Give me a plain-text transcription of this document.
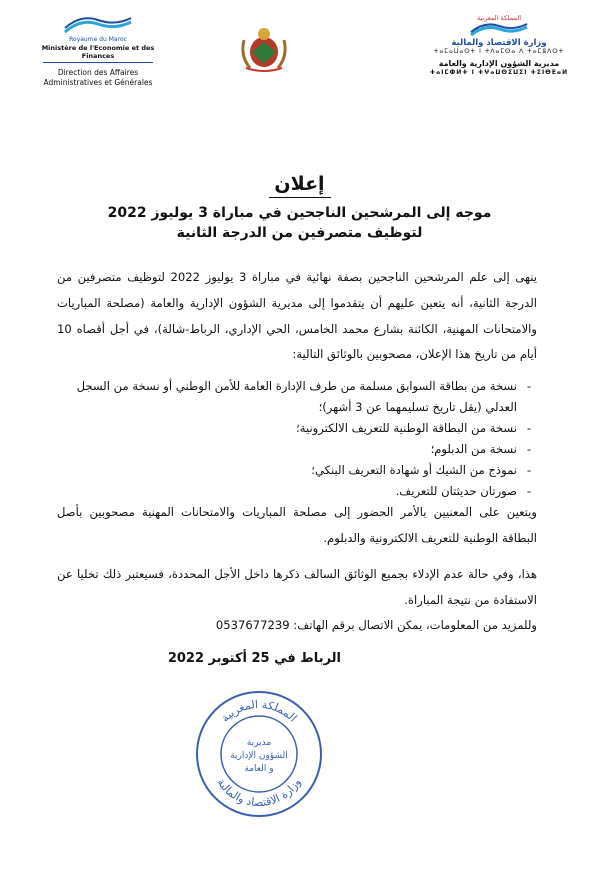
Royaume du Maroc
Ministère de l'Economie et des Finances
Direction des Affaires
Administratives et Générales
المملكة المغربية
وزارة الاقتصاد والمالية
ⵜⴰⵎⴰⵡⴰⵙⵜ ⵏ ⵜⴷⴰⵎⵙⴰ ⴷ ⵜⴰⵎⵓⴷⵔⵜ
مديرية الشؤون الإدارية والعامة
ⵜⴰⵏⵎⵀⵍⵜ ⵏ ⵜⵖⴰⵡⵙⵉⵡⵉⵏ ⵜⵉⵏⴱⴹⴰⵍ
إعلان
موجه إلى المرشحين الناجحين في مباراة 3 يوليوز 2022
لتوظيف متصرفين من الدرجة الثانية
ينهى إلى علم المرشحين الناجحين بصفة نهائية في مباراة 3 يوليوز 2022 لتوظيف متصرفين من الدرجة الثانية، أنه يتعين عليهم أن يتقدموا إلى مديرية الشؤون الإدارية والعامة (مصلحة المباريات والامتحانات المهنية، الكائنة بشارع محمد الخامس، الحي الإداري، الرباط-شالة)، في أجل أقصاه 10 أيام من تاريخ هذا الإعلان، مصحوبين بالوثائق التالية:
- نسخة من بطاقة السوابق مسلمة من طرف الإدارة العامة للأمن الوطني أو نسخة من السجل العدلي (يقل تاريخ تسليمهما عن 3 أشهر)؛
- نسخة من البطاقة الوطنية للتعريف الالكترونية؛
- نسخة من الدبلوم؛
- نموذج من الشيك أو شهادة التعريف البنكي؛
- صورتان حديثتان للتعريف.
ويتعين على المعنيين بالأمر الحضور إلى مصلحة المباريات والامتحانات المهنية مصحوبين بأصل البطاقة الوطنية للتعريف الالكترونية والدبلوم.
هذا، وفي حالة عدم الإدلاء بجميع الوثائق السالف ذكرها داخل الأجل المحددة، فسيعتبر ذلك تخليا عن الاستفادة من نتيجة المباراة.
وللمزيد من المعلومات، يمكن الاتصال برقم الهاتف: 0537677239
الرباط في 25 أكتوبر 2022
المملكة المغربية
وزارة الاقتصاد والمالية
مديرية
الشؤون الإدارية
و العامة
